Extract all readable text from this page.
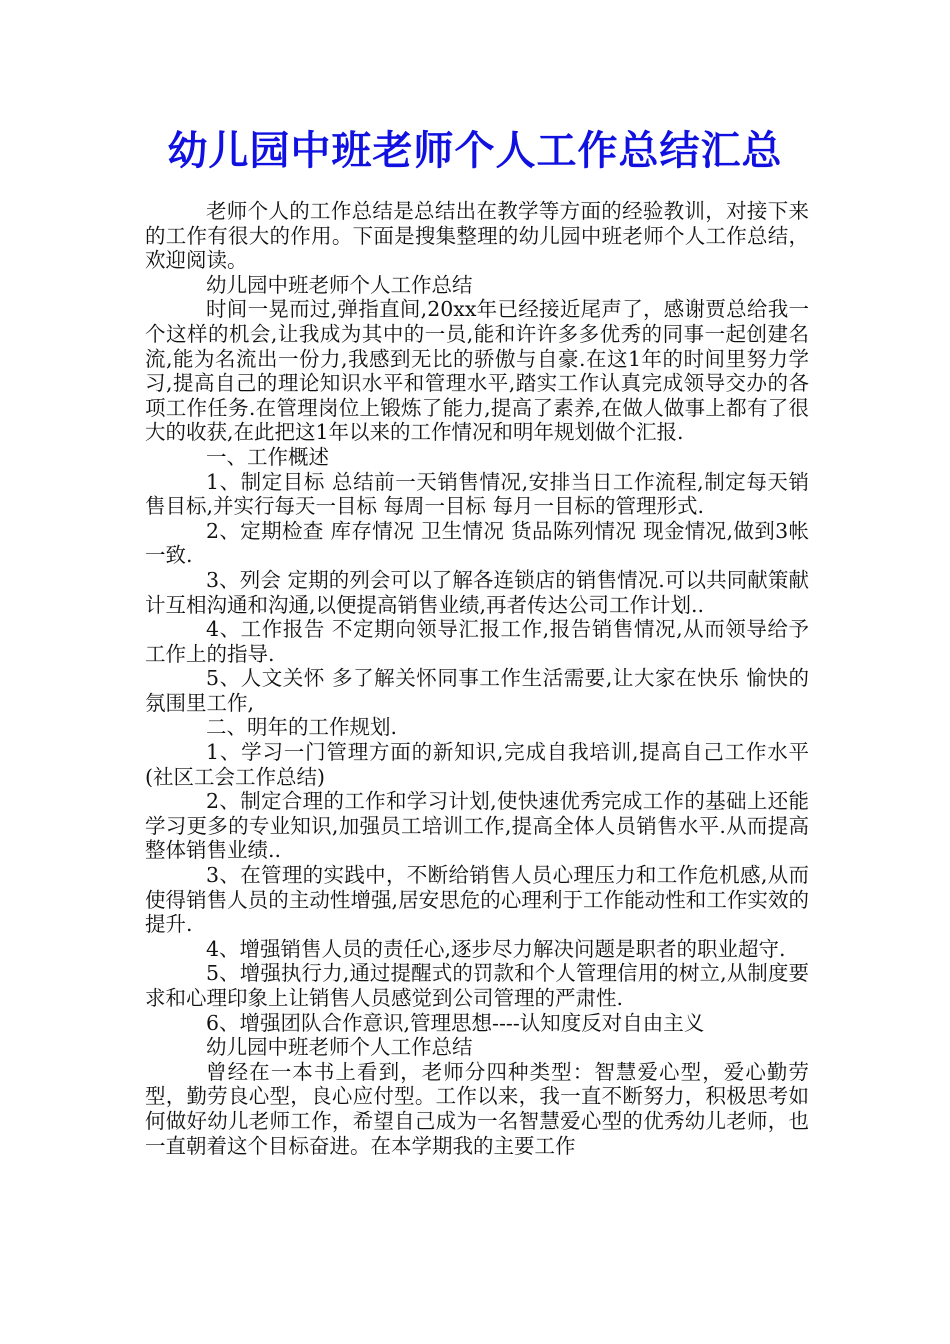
幼儿园中班老师个人工作总结汇总

老师个人的工作总结是总结出在教学等方面的经验教训，对接下来的工作有很大的作用。下面是搜集整理的幼儿园中班老师个人工作总结，欢迎阅读。

幼儿园中班老师个人工作总结

时间一晃而过,弹指直间,20xx年已经接近尾声了，感谢贾总给我一个这样的机会,让我成为其中的一员,能和许许多多优秀的同事一起创建名流,能为名流出一份力,我感到无比的骄傲与自豪.在这1年的时间里努力学习,提高自己的理论知识水平和管理水平,踏实工作认真完成领导交办的各项工作任务.在管理岗位上锻炼了能力,提高了素养,在做人做事上都有了很大的收获,在此把这1年以来的工作情况和明年规划做个汇报.

一、工作概述

1、制定目标 总结前一天销售情况,安排当日工作流程,制定每天销售目标,并实行每天一目标 每周一目标 每月一目标的管理形式.

2、定期检查 库存情况 卫生情况 货品陈列情况 现金情况,做到3帐一致.

3、列会 定期的列会可以了解各连锁店的销售情况.可以共同献策献计互相沟通和沟通,以便提高销售业绩,再者传达公司工作计划..

4、工作报告 不定期向领导汇报工作,报告销售情况,从而领导给予工作上的指导.

5、人文关怀 多了解关怀同事工作生活需要,让大家在快乐 愉快的氛围里工作,

二、明年的工作规划.

1、学习一门管理方面的新知识,完成自我培训,提高自己工作水平(社区工会工作总结)

2、制定合理的工作和学习计划,使快速优秀完成工作的基础上还能学习更多的专业知识,加强员工培训工作,提高全体人员销售水平.从而提高整体销售业绩..

3、在管理的实践中，不断给销售人员心理压力和工作危机感,从而使得销售人员的主动性增强,居安思危的心理利于工作能动性和工作实效的提升.

4、增强销售人员的责任心,逐步尽力解决问题是职者的职业超守.

5、增强执行力,通过提醒式的罚款和个人管理信用的树立,从制度要求和心理印象上让销售人员感觉到公司管理的严肃性.

6、增强团队合作意识,管理思想----认知度反对自由主义

幼儿园中班老师个人工作总结

曾经在一本书上看到，老师分四种类型：智慧爱心型，爱心勤劳型，勤劳良心型，良心应付型。工作以来，我一直不断努力，积极思考如何做好幼儿老师工作，希望自己成为一名智慧爱心型的优秀幼儿老师，也一直朝着这个目标奋进。在本学期我的主要工作
